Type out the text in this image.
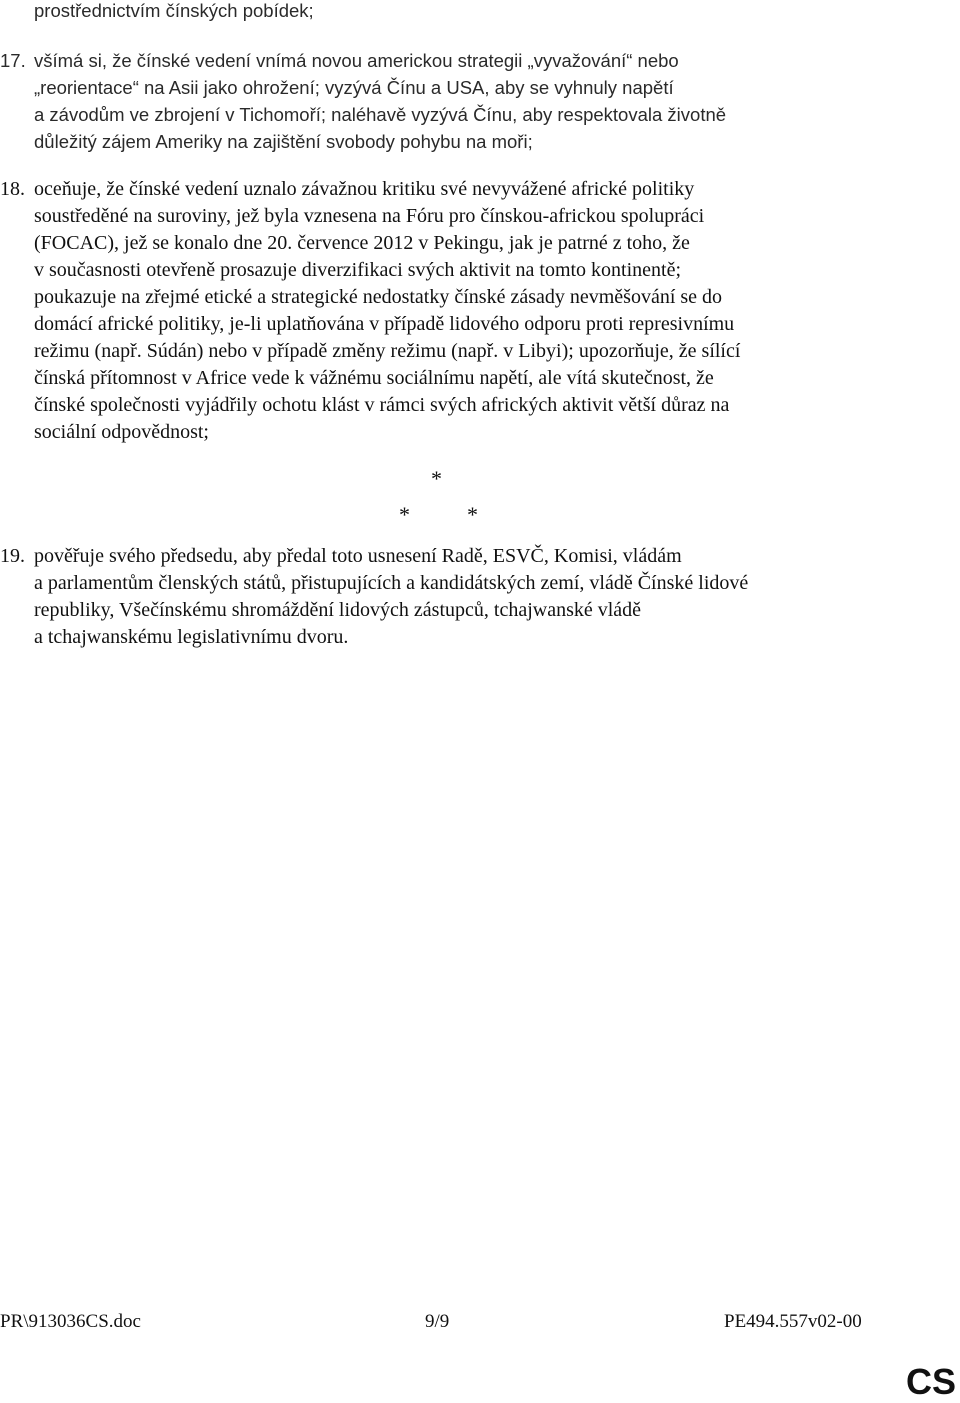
prostřednictvím čínských pobídek;
17. všímá si, že čínské vedení vnímá novou americkou strategii „vyvažování“ nebo
„reorientace“ na Asii jako ohrožení; vyzývá Čínu a USA, aby se vyhnuly napětí
a závodům ve zbrojení v Tichomoří; naléhavě vyzývá Čínu, aby respektovala životně
důležitý zájem Ameriky na zajištění svobody pohybu na moři;
18. oceňuje, že čínské vedení uznalo závažnou kritiku své nevyvážené africké politiky
soustředěné na suroviny, jež byla vznesena na Fóru pro čínskou-africkou spolupráci
(FOCAC), jež se konalo dne 20. července 2012 v Pekingu, jak je patrné z toho, že
v současnosti otevřeně prosazuje diverzifikaci svých aktivit na tomto kontinentě;
poukazuje na zřejmé etické a strategické nedostatky čínské zásady nevměšování se do
domácí africké politiky, je-li uplatňována v případě lidového odporu proti represivnímu
režimu (např. Súdán) nebo v případě změny režimu (např. v Libyi); upozorňuje, že sílící
čínská přítomnost v Africe vede k vážnému sociálnímu napětí, ale vítá skutečnost, že
čínské společnosti vyjádřily ochotu klást v rámci svých afrických aktivit větší důraz na
sociální odpovědnost;
*
*	*
19. pověřuje svého předsedu, aby předal toto usnesení Radě, ESVČ, Komisi, vládám
a parlamentům členských států, přistupujících a kandidátských zemí, vládě Čínské lidové
republiky, Všečínskému shromáždění lidových zástupců, tchajwanské vládě
a tchajwanskému legislativnímu dvoru.
PR\913036CS.doc	9/9	PE494.557v02-00
CS
